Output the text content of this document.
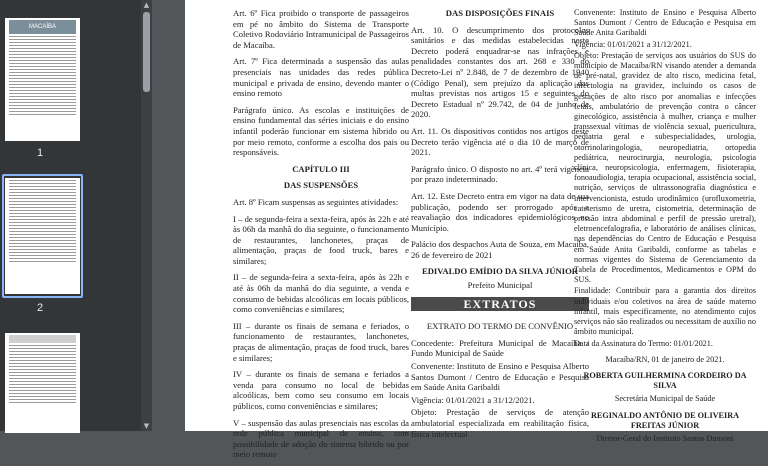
MACAÍBA
1
2
▲
▼

Art. 6º Fica proibido o transporte de passageiros em pé no âmbito do Sistema de Transporte Coletivo Rodoviário Intramunicipal de Passageiros de Macaíba.

Art. 7º Fica determinada a suspensão das aulas presenciais nas unidades das redes pública municipal e privada de ensino, devendo manter o ensino remoto

Parágrafo único. As escolas e instituições de ensino fundamental das séries iniciais e do ensino infantil poderão funcionar em sistema híbrido ou por meio remoto, conforme a escolha dos pais ou responsáveis.

CAPÍTULO III
DAS SUSPENSÕES

Art. 8º Ficam suspensas as seguintes atividades:

I – de segunda-feira a sexta-feira, após às 22h e até às 06h da manhã do dia seguinte, o funcionamento de restaurantes, lanchonetes, praças de alimentação, praças de food truck, bares e similares;

II – de segunda-feira a sexta-feira, após às 22h e até às 06h da manhã do dia seguinte, a venda e consumo de bebidas alcoólicas em locais públicos, como conveniências e similares;

III – durante os finais de semana e feriados, o funcionamento de restaurantes, lanchonetes, praças de alimentação, praças de food truck, bares e similares;

IV – durante os finais de semana e feriados a venda para consumo no local de bebidas alcoólicas, bem como seu consumo em locais públicos, como conveniências e similares;

V – suspensão das aulas presenciais nas escolas da rede pública municipal de ensino, com possibilidade de adoção do sistema híbrido ou por meio remoto

DAS DISPOSIÇÕES FINAIS

Art. 10. O descumprimento dos protocolos sanitários e das medidas estabelecidas neste Decreto poderá enquadrar-se nas infrações e penalidades constantes dos art. 268 e 330 do Decreto-Lei nº 2.848, de 7 de dezembro de 1940 (Código Penal), sem prejuízo da aplicação das multas previstas nos artigos 15 e seguintes do Decreto Estadual nº 29.742, de 04 de junho de 2020.

Art. 11. Os dispositivos contidos nos artigos deste Decreto terão vigência até o dia 10 de março de 2021.

Parágrafo único. O disposto no art. 4º terá vigência por prazo indeterminado.

Art. 12. Este Decreto entra em vigor na data de sua publicação, podendo ser prorrogado após a reavaliação dos indicadores epidemiológicos no Município.

Palácio dos despachos Auta de Souza, em Macaíba, 26 de fevereiro de 2021

EDIVALDO EMÍDIO DA SILVA JÚNIOR
Prefeito Municipal
EXTRATOS
EXTRATO DO TERMO DE CONVÊNIO

Concedente: Prefeitura Municipal de Macaíba / Fundo Municipal de Saúde

Convenente: Instituto de Ensino e Pesquisa Alberto Santos Dumont / Centro de Educação e Pesquisa em Saúde Anita Garibaldi

Vigência: 01/01/2021 a 31/12/2021.

Objeto: Prestação de serviços de atenção ambulatorial especializada em reabilitação física, física intelectual

Convenente: Instituto de Ensino e Pesquisa Alberto Santos Dumont / Centro de Educação e Pesquisa em Saúde Anita Garibaldi

Vigência: 01/01/2021 a 31/12/2021.

Objeto: Prestação de serviços aos usuários do SUS do município de Macaíba/RN visando atender a demanda de pré-natal, gravidez de alto risco, medicina fetal, infectologia na gravidez, incluindo os casos de gestações de alto risco por anomalias e infecções fetais, ambulatório de prevenção contra o câncer ginecológico, assistência à mulher, criança e mulher transsexual vítimas de violência sexual, puericultura, pediatria geral e subespecialidades, urologia, otorrinolaringologia, neuropediatria, ortopedia pediátrica, neurocirurgia, neurologia, psicologia clínica, neuropsicologia, enfermagem, fisioterapia, fonoaudiologia, terapia ocupacional, assistência social, nutrição, serviços de ultrassonografia diagnóstica e intervencionista, estudo urodinâmico (urofluxometria, cateterismo de uretra, cistometria, determinação de pressão intra abdominal e perfil de pressão uretral), eletroencefalografia, e laboratório de análises clínicas, nas dependências do Centro de Educação e Pesquisa em Saúde Anita Garibaldi, conforme as tabelas e normas vigentes do Sistema de Gerenciamento da Tabela de Procedimentos, Medicamentos e OPM do SUS.

Finalidade: Contribuir para a garantia dos direitos individuais e/ou coletivos na área de saúde materno infantil, mais especificamente, no atendimento cujos serviços não são realizados ou necessitam de auxílio no âmbito municipal.

Data da Assinatura do Termo: 01/01/2021.

Macaíba/RN, 01 de janeiro de 2021.
ROBERTA GUILHERMINA CORDEIRO DA SILVA
Secretária Municipal de Saúde
REGINALDO ANTÔNIO DE OLIVEIRA FREITAS JÚNIOR
Diretor-Geral do Instituto Santos Dumont
